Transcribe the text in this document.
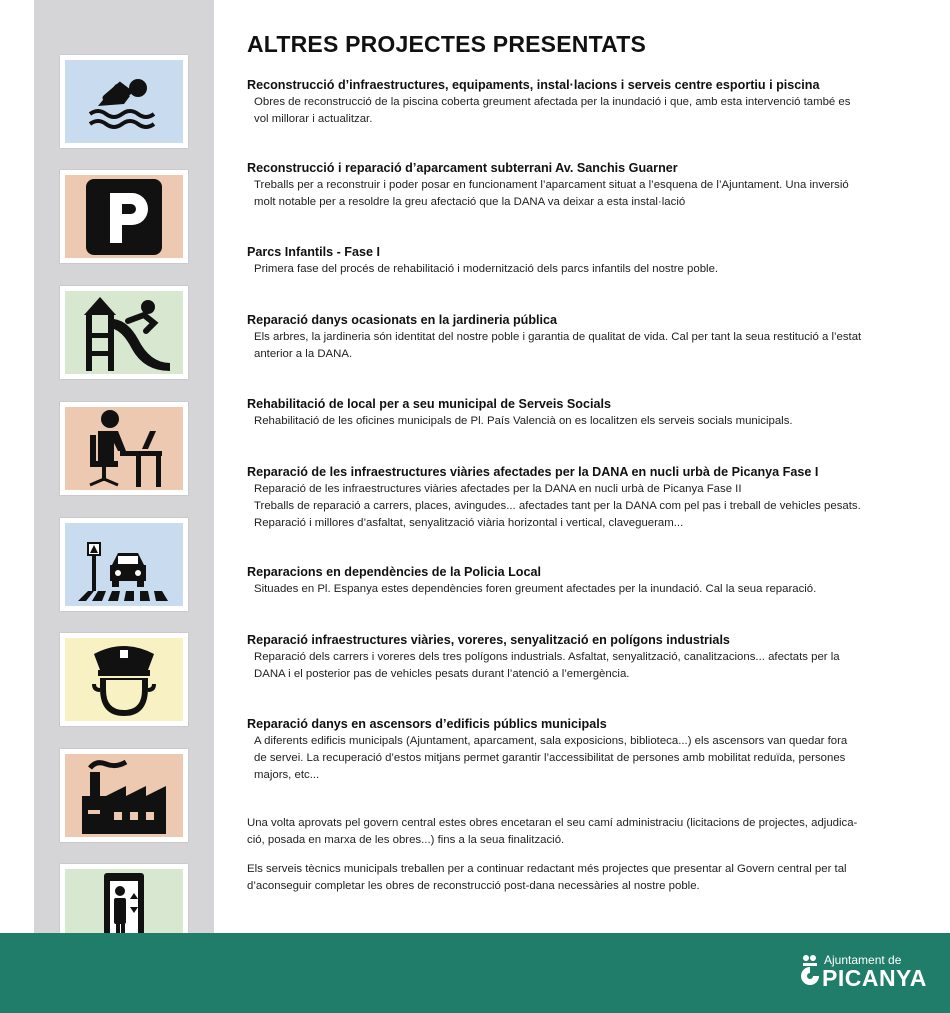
ALTRES PROJECTES PRESENTATS
Reconstrucció d’infraestructures, equipaments, instal·lacions i serveis centre esportiu i piscina

Obres de reconstrucció de la piscina coberta greument afectada per la inundació i que, amb esta intervenció també es

vol millorar i actualitzar.

Reconstrucció i reparació d’aparcament subterrani Av. Sanchis Guarner

Treballs per a reconstruir i poder posar en funcionament l’aparcament situat a l’esquena de l’Ajuntament. Una inversió

molt notable per a resoldre la greu afectació que la DANA va deixar a esta instal·lació

Parcs Infantils - Fase I

Primera fase del procés de rehabilitació i modernització dels parcs infantils del nostre poble.

Reparació danys ocasionats en la jardineria pública

Els arbres, la jardineria són identitat del nostre poble i garantia de qualitat de vida. Cal per tant la seua restitució a l’estat

anterior a la DANA.

Rehabilitació de local per a seu municipal de Serveis Socials

Rehabilitació de les oficines municipals de Pl. País Valencià on es localitzen els serveis socials municipals.

Reparació de les infraestructures viàries afectades per la DANA en nucli urbà de Picanya Fase I

Reparació de les infraestructures viàries afectades per la DANA en nucli urbà de Picanya Fase II

Treballs de reparació a carrers, places, avingudes... afectades tant per la DANA com pel pas i treball de vehicles pesats.

Reparació i millores d’asfaltat, senyalització viària horizontal i vertical, clavegueram...

Reparacions en dependències de la Policia Local

Situades en Pl. Espanya estes dependències foren greument afectades per la inundació. Cal la seua reparació.

Reparació infraestructures viàries, voreres, senyalització en polígons industrials

Reparació dels carrers i voreres dels tres polígons industrials. Asfaltat, senyalització, canalitzacions... afectats per la

DANA i el posterior pas de vehicles pesats durant l’atenció a l’emergència.

Reparació danys en ascensors d’edificis públics municipals

A diferents edificis municipals (Ajuntament, aparcament, sala exposicions, biblioteca...) els ascensors van quedar fora

de servei. La recuperació d’estos mitjans permet garantir l’accessibilitat de persones amb mobilitat reduïda, persones

majors, etc...

Una volta aprovats pel govern central estes obres encetaran el seu camí administraciu (licitacions de projectes, adjudica-
ció, posada en marxa de les obres...) fins a la seua finalització.
Els serveis tècnics municipals treballen per a continuar redactant més projectes que presentar al Govern central per tal
d’aconseguir completar les obres de reconstrucció post-dana necessàries al nostre poble.
Ajuntament de
PICANYA
